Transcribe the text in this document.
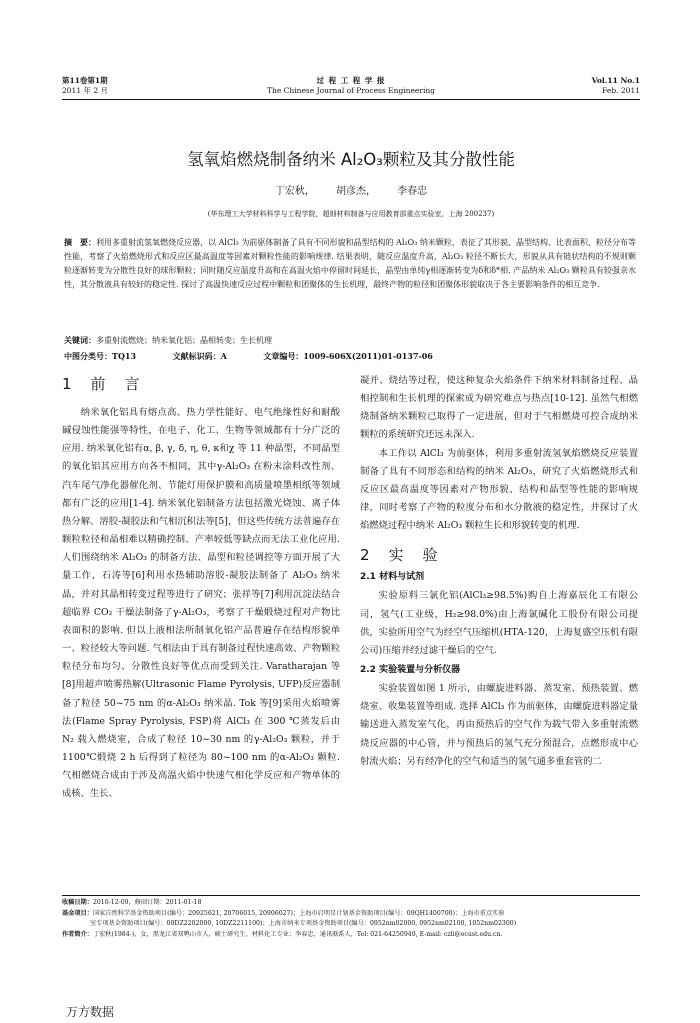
第11卷第1期
2011 年 2 月
过 程 工 程 学 报
The Chinese Journal of Process Engineering
Vol.11 No.1
Feb. 2011
氢氧焰燃烧制备纳米 Al₂O₃颗粒及其分散性能
丁宏秋， 胡彦杰， 李春忠
(华东理工大学材料科学与工程学院，超细材料制备与应用教育部重点实验室，上海 200237)
摘　要：利用多重射流氢氧燃烧反应器，以 AlCl₃ 为前驱体制备了具有不同形貌和晶型结构的 Al₂O₃ 纳米颗粒，表征了其形貌、晶型结构、比表面积、粒径分布等性能，考察了火焰燃烧形式和反应区最高温度等因素对颗粒性能的影响规律. 结果表明，随反应温度升高，Al₂O₃ 粒径不断长大，形貌从具有链状结构的不规则颗粒逐渐转变为分散性良好的球形颗粒；同时随反应温度升高和在高温火焰中停留时间延长，晶型由单纯γ相逐渐转变为δ和δ*相. 产品纳米 Al₂O₃ 颗粒具有较强亲水性，其分散液具有较好的稳定性. 探讨了高温快速反应过程中颗粒和团聚体的生长机理，最终产物的粒径和团聚体形貌取决于各主要影响条件的相互竞争.
关键词：多重射流燃烧；纳米氧化铝；晶相转变；生长机理
中图分类号：TQ13	文献标识码：A	文章编号：1009-606X(2011)01-0137-06
1　前　言

纳米氧化铝具有熔点高、热力学性能好、电气绝缘性好和耐酸碱侵蚀性能强等特性，在电子、化工、生物等领域都有十分广泛的应用. 纳米氧化铝有α, β, γ, δ, η, θ, κ和χ 等 11 种晶型，不同晶型的氧化铝其应用方向各不相同，其中γ-Al₂O₃ 在粉末涂料改性剂、汽车尾气净化器催化剂、节能灯用保护膜和高质量喷墨相纸等领域都有广泛的应用[1-4]. 纳米氧化铝制备方法包括激光烧蚀、离子体热分解、溶胶-凝胶法和气相沉积法等[5]，但这些传统方法普遍存在颗粒粒径和晶相难以精确控制、产率较低等缺点而无法工业化应用. 人们围绕纳米 Al₂O₃ 的制备方法、晶型和粒径调控等方面开展了大量工作，石涛等[6]利用水热辅助溶胶-凝胶法制备了 Al₂O₃ 纳米晶，并对其晶相转变过程等进行了研究；张祥等[7]利用沉淀法结合超临界 CO₂ 干燥法制备了γ-Al₂O₃，考察了干燥煅烧过程对产物比表面积的影响. 但以上液相法所制氧化铝产品普遍存在结构形貌单一、粒径较大等问题. 气相法由于具有制备过程快速高效、产物颗粒粒径分布均匀、分散性良好等优点而受到关注. Varatharajan 等[8]用超声喷雾热解(Ultrasonic Flame Pyrolysis, UFP)反应器制备了粒径 50~75 nm 的α-Al₂O₃ 纳米晶. Tok 等[9]采用火焰喷雾法(Flame Spray Pyrolysis, FSP)将 AlCl₃ 在 300 ℃蒸发后由 N₂ 载入燃烧室，合成了粒径 10~30 nm 的γ-Al₂O₃ 颗粒，并于 1100℃煅烧 2 h 后得到了粒径为 80~100 nm 的α-Al₂O₃ 颗粒. 气相燃烧合成由于涉及高温火焰中快速气相化学反应和产物单体的成核、生长、

凝并、烧结等过程，使这种复杂火焰条件下纳米材料制备过程、晶相控制和生长机理的探索成为研究难点与热点[10-12]. 虽然气相燃烧制备纳米颗粒已取得了一定进展，但对于气相燃烧可控合成纳米颗粒的系统研究还远未深入.

本工作以 AlCl₃ 为前驱体，利用多重射流氢氧焰燃烧反应装置制备了具有不同形态和结构的纳米 Al₂O₃，研究了火焰燃烧形式和反应区最高温度等因素对产物形貌、结构和晶型等性能的影响规律，同时考察了产物的粒度分布和水分散液的稳定性，并探讨了火焰燃烧过程中纳米 Al₂O₃ 颗粒生长和形貌转变的机理.

2　实　验
2.1 材料与试剂

实验原料三氯化铝(AlCl₃≥98.5%)购自上海嘉辰化工有限公司，氢气(工业级，H₂≥98.0%)由上海氯碱化工股份有限公司提供，实验所用空气为经空气压缩机(HTA-120，上海复盛空压机有限公司)压缩并经过滤干燥后的空气.

2.2 实验装置与分析仪器

实验装置如图 1 所示，由螺旋进料器、蒸发室、预热装置、燃烧室、收集装置等组成. 选择 AlCl₃ 作为前驱体，由螺旋进料器定量输送进入蒸发室气化，再由预热后的空气作为载气带入多重射流燃烧反应器的中心管，并与预热后的氢气充分预混合，点燃形成中心射流火焰；另有经净化的空气和适当的氢气通多重套管的二

收稿日期：2010-12-09，修回日期：2011-01-18
基金项目：国家自然科学基金资助项目(编号：20925621, 20706015, 20906027)；上海市启明星计划基金资助项目(编号：09QH1400700)；上海市重点实验
室专项基金资助项目(编号：09DZ2202000, 10DZ2211100)；上海市纳米专项基金资助项目(编号：0952nm02000, 0952nm02100, 1052nm02300)
作者简介：丁宏秋(1984-)，女，黑龙江省双鸭山市人，硕士研究生，材料化工专业；李春忠，通讯联系人，Tel: 021-64250949, E-mail: czli@ecust.edu.cn.
万方数据
